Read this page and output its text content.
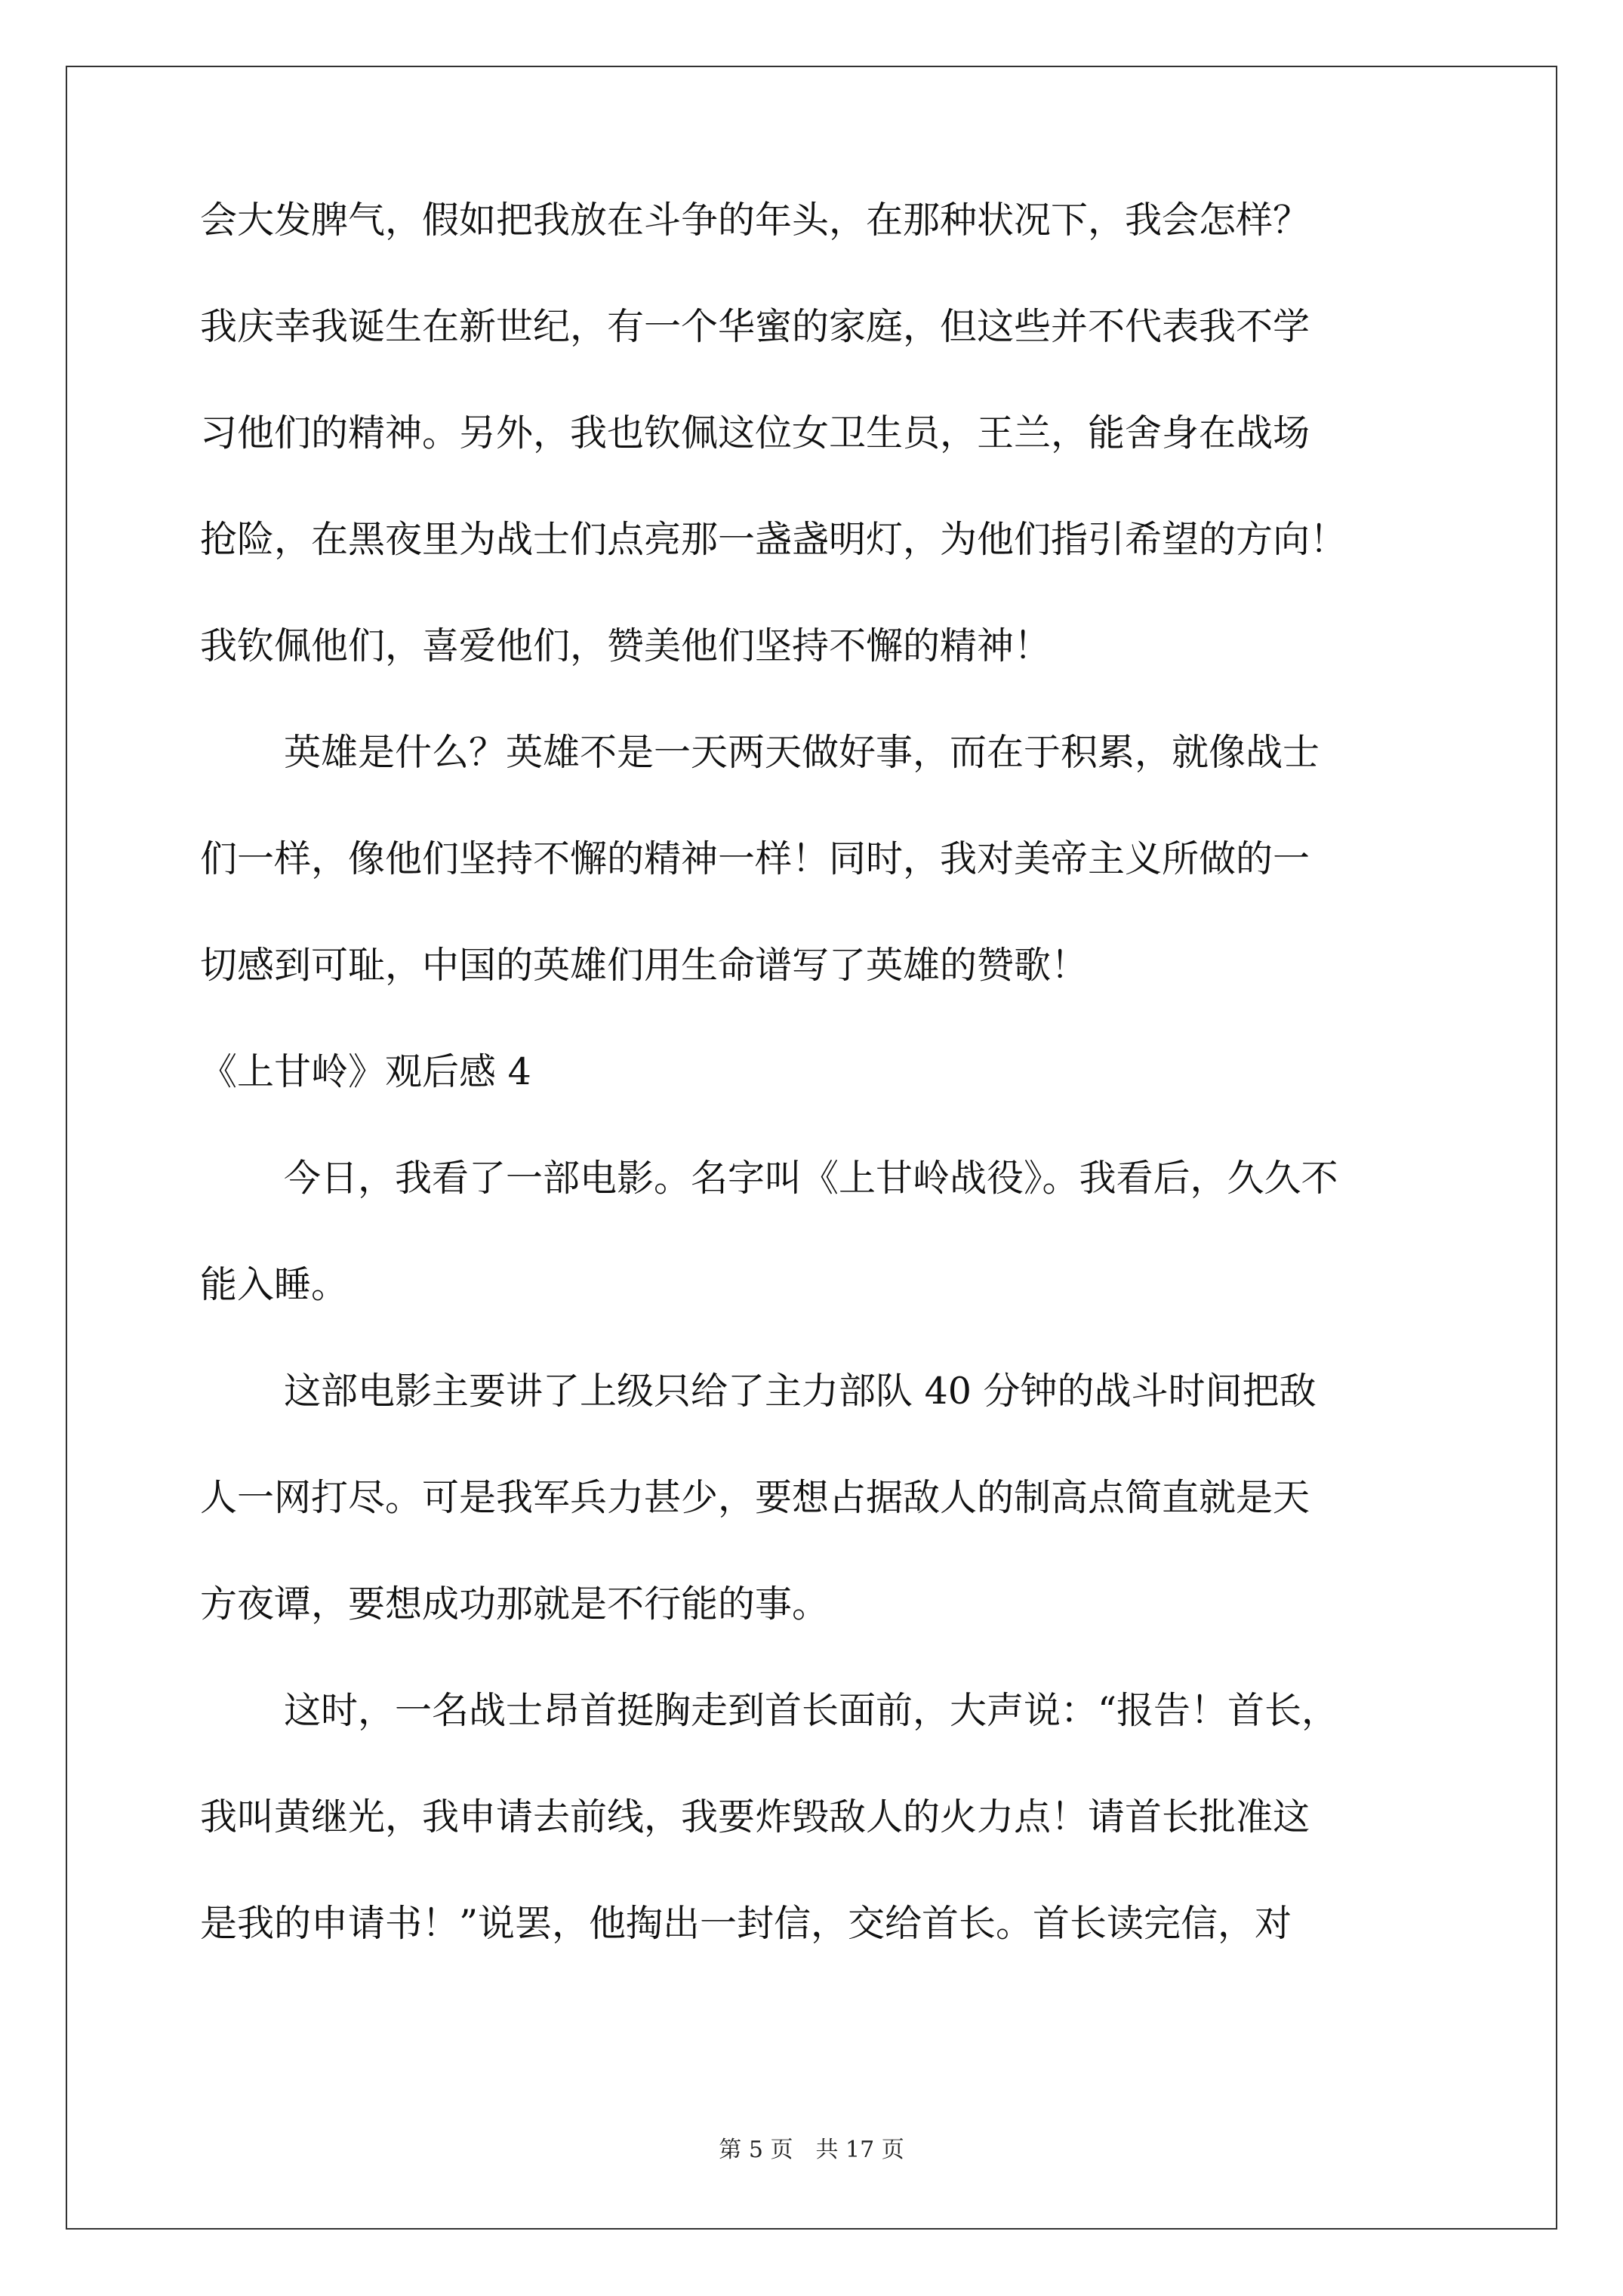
会大发脾气，假如把我放在斗争的年头，在那种状况下，我会怎样？
我庆幸我诞生在新世纪，有一个华蜜的家庭，但这些并不代表我不学
习他们的精神。另外，我也钦佩这位女卫生员，王兰，能舍身在战场
抢险，在黑夜里为战士们点亮那一盏盏明灯，为他们指引希望的方向！
我钦佩他们，喜爱他们，赞美他们坚持不懈的精神！
英雄是什么？英雄不是一天两天做好事，而在于积累，就像战士
们一样，像他们坚持不懈的精神一样！同时，我对美帝主义所做的一
切感到可耻，中国的英雄们用生命谱写了英雄的赞歌！
《上甘岭》观后感 4
今日，我看了一部电影。名字叫《上甘岭战役》。我看后，久久不
能入睡。
这部电影主要讲了上级只给了主力部队 40 分钟的战斗时间把敌
人一网打尽。可是我军兵力甚少，要想占据敌人的制高点简直就是天
方夜谭，要想成功那就是不行能的事。
这时，一名战士昂首挺胸走到首长面前，大声说：“报告！首长，
我叫黄继光，我申请去前线，我要炸毁敌人的火力点！请首长批准这
是我的申请书！”说罢，他掏出一封信，交给首长。首长读完信，对
第 5 页　共 17 页
